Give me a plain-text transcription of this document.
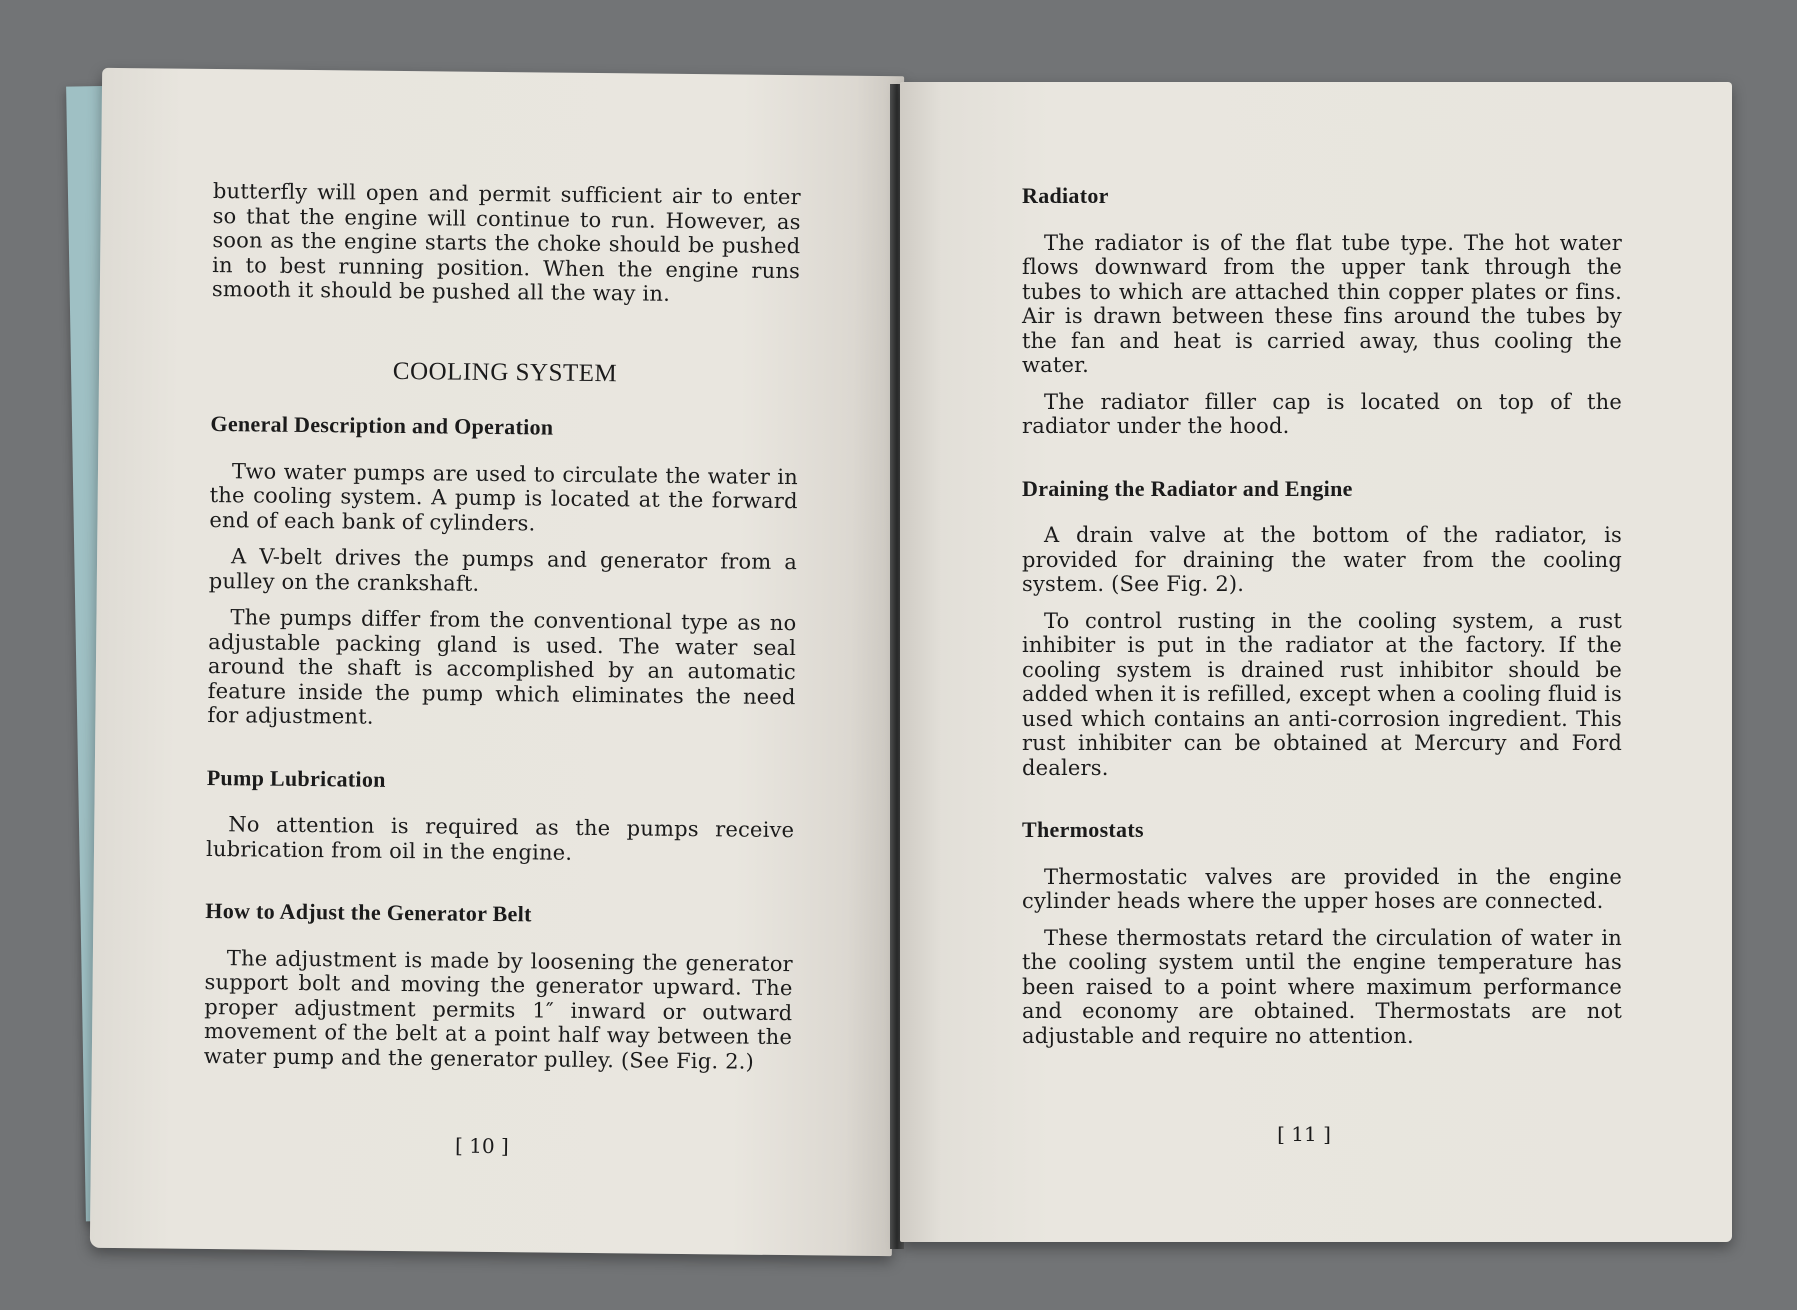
butterfly will open and permit sufficient air to enter so that the engine will continue to run. However, as soon as the engine starts the choke should be pushed in to best running position. When the engine runs smooth it should be pushed all the way in.

COOLING SYSTEM
General Description and Operation

Two water pumps are used to circulate the water in the cooling system. A pump is located at the forward end of each bank of cylinders.

A V-belt drives the pumps and generator from a pulley on the crankshaft.

The pumps differ from the conventional type as no adjustable packing gland is used. The water seal around the shaft is accomplished by an automatic feature inside the pump which eliminates the need for adjustment.

Pump Lubrication

No attention is required as the pumps receive lubrication from oil in the engine.

How to Adjust the Generator Belt

The adjustment is made by loosening the generator support bolt and moving the generator upward. The proper adjustment permits 1″ inward or outward movement of the belt at a point half way between the water pump and the generator pulley. (See Fig. 2.)

[ 10 ]
Radiator

The radiator is of the flat tube type. The hot water flows downward from the upper tank through the tubes to which are attached thin copper plates or fins. Air is drawn between these fins around the tubes by the fan and heat is carried away, thus cooling the water.

The radiator filler cap is located on top of the radiator under the hood.

Draining the Radiator and Engine

A drain valve at the bottom of the radiator, is provided for draining the water from the cooling system. (See Fig. 2).

To control rusting in the cooling system, a rust inhibiter is put in the radiator at the factory. If the cooling system is drained rust inhibitor should be added when it is refilled, except when a cooling fluid is used which contains an anti-corrosion ingredient. This rust inhibiter can be obtained at Mercury and Ford dealers.

Thermostats

Thermostatic valves are provided in the engine cylinder heads where the upper hoses are connected.

These thermostats retard the circulation of water in the cooling system until the engine temperature has been raised to a point where maximum performance and economy are obtained. Thermostats are not adjustable and require no attention.

[ 11 ]
